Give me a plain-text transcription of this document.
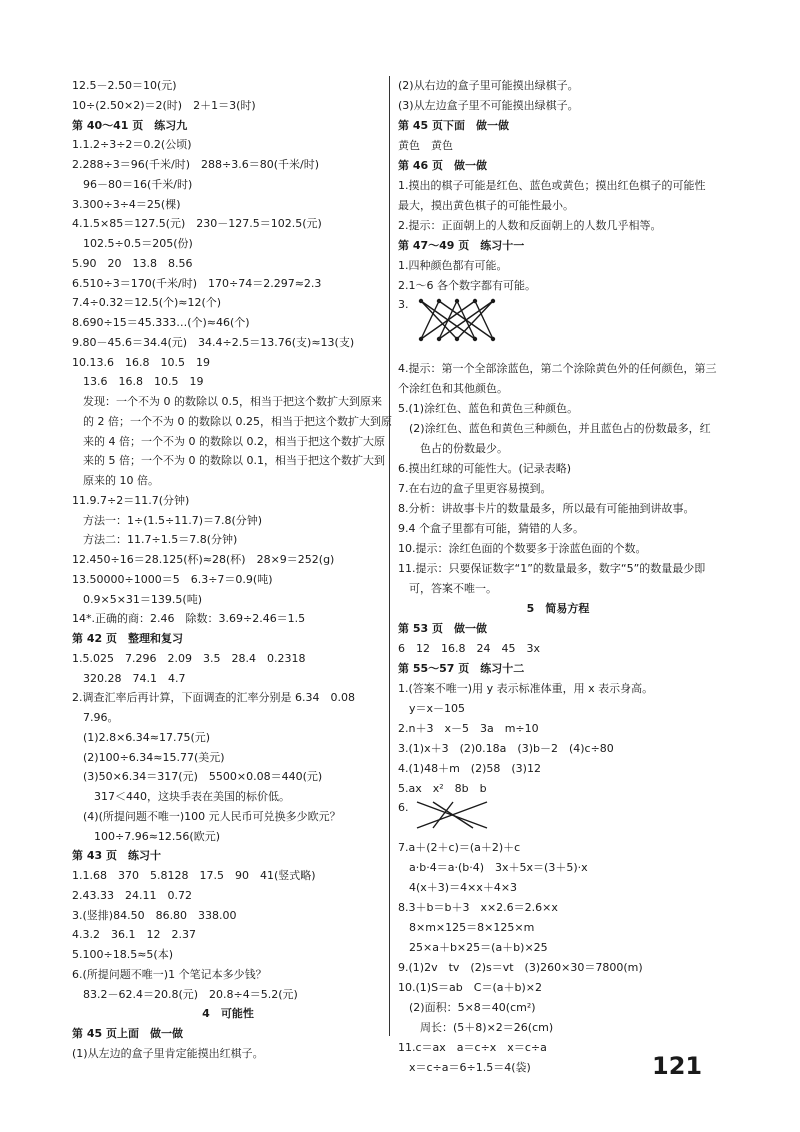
12.5－2.50＝10(元)
10÷(2.50×2)＝2(时)　2＋1＝3(时)
第 40～41 页　练习九
1.1.2÷3÷2＝0.2(公顷)
2.288÷3＝96(千米/时)　288÷3.6＝80(千米/时)
96－80＝16(千米/时)
3.300÷3÷4＝25(棵)
4.1.5×85＝127.5(元)　230－127.5＝102.5(元)
102.5÷0.5＝205(份)
5.90　20　13.8　8.56
6.510÷3＝170(千米/时)　170÷74＝2.297≈2.3
7.4÷0.32＝12.5(个)≈12(个)
8.690÷15＝45.333…(个)≈46(个)
9.80－45.6＝34.4(元)　34.4÷2.5＝13.76(支)≈13(支)
10.13.6　16.8　10.5　19
13.6　16.8　10.5　19
发现：一个不为 0 的数除以 0.5，相当于把这个数扩大到原来
的 2 倍；一个不为 0 的数除以 0.25，相当于把这个数扩大到原
来的 4 倍；一个不为 0 的数除以 0.2，相当于把这个数扩大原
来的 5 倍；一个不为 0 的数除以 0.1，相当于把这个数扩大到
原来的 10 倍。
11.9.7÷2＝11.7(分钟)
方法一：1÷(1.5÷11.7)＝7.8(分钟)
方法二：11.7÷1.5＝7.8(分钟)
12.450÷16＝28.125(杯)≈28(杯)　28×9＝252(g)
13.50000÷1000＝5　6.3÷7＝0.9(吨)
0.9×5×31＝139.5(吨)
14*.正确的商：2.46　除数：3.69÷2.46＝1.5
第 42 页　整理和复习
1.5.025　7.296　2.09　3.5　28.4　0.2318
320.28　74.1　4.7
2.调查汇率后再计算，下面调查的汇率分别是 6.34　0.08
7.96。
(1)2.8×6.34≈17.75(元)
(2)100÷6.34≈15.77(美元)
(3)50×6.34＝317(元)　5500×0.08＝440(元)
317＜440，这块手表在美国的标价低。
(4)(所提问题不唯一)100 元人民币可兑换多少欧元？
100÷7.96≈12.56(欧元)
第 43 页　练习十
1.1.68　370　5.8128　17.5　90　41(竖式略)
2.43.33　24.11　0.72
3.(竖排)84.50　86.80　338.00
4.3.2　36.1　12　2.37
5.100÷18.5≈5(本)
6.(所提问题不唯一)1 个笔记本多少钱？
83.2－62.4＝20.8(元)　20.8÷4＝5.2(元)
4　可能性
第 45 页上面　做一做
(1)从左边的盒子里肯定能摸出红棋子。
(2)从右边的盒子里可能摸出绿棋子。
(3)从左边盒子里不可能摸出绿棋子。
第 45 页下面　做一做
黄色　黄色
第 46 页　做一做
1.摸出的棋子可能是红色、蓝色或黄色；摸出红色棋子的可能性
最大，摸出黄色棋子的可能性最小。
2.提示：正面朝上的人数和反面朝上的人数几乎相等。
第 47～49 页　练习十一
1.四种颜色都有可能。
2.1～6 各个数字都有可能。
3.
4.提示：第一个全部涂蓝色，第二个涂除黄色外的任何颜色，第三
个涂红色和其他颜色。
5.(1)涂红色、蓝色和黄色三种颜色。
(2)涂红色、蓝色和黄色三种颜色，并且蓝色占的份数最多，红
色占的份数最少。
6.摸出红球的可能性大。(记录表略)
7.在右边的盒子里更容易摸到。
8.分析：讲故事卡片的数量最多，所以最有可能抽到讲故事。
9.4 个盒子里都有可能，猜错的人多。
10.提示：涂红色面的个数要多于涂蓝色面的个数。
11.提示：只要保证数字“1”的数量最多，数字“5”的数量最少即
可，答案不唯一。
5　简易方程
第 53 页　做一做
6　12　16.8　24　45　3x
第 55～57 页　练习十二
1.(答案不唯一)用 y 表示标准体重，用 x 表示身高。
y＝x－105
2.n＋3　x－5　3a　m÷10
3.(1)x＋3　(2)0.18a　(3)b－2　(4)c÷80
4.(1)48＋m　(2)58　(3)12
5.ax　x²　8b　b
6.
7.a＋(2＋c)＝(a＋2)＋c
a·b·4＝a·(b·4)　3x＋5x＝(3＋5)·x
4(x＋3)＝4×x＋4×3
8.3＋b＝b＋3　x×2.6＝2.6×x
8×m×125＝8×125×m
25×a＋b×25＝(a＋b)×25
9.(1)2v　tv　(2)s＝vt　(3)260×30＝7800(m)
10.(1)S＝ab　C＝(a＋b)×2
(2)面积：5×8＝40(cm²)
周长：(5＋8)×2＝26(cm)
11.c＝ax　a＝c÷x　x＝c÷a
x＝c÷a＝6÷1.5＝4(袋)	121
